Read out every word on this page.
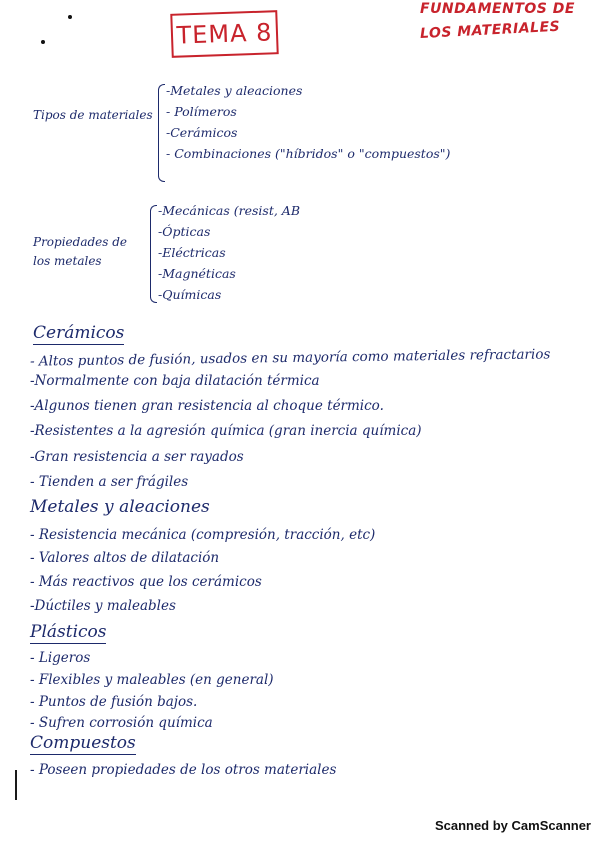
TEMA 8
FUNDAMENTOS DE
LOS MATERIALES
Tipos de materiales
-Metales y aleaciones
- Polímeros
-Cerámicos
- Combinaciones ("híbridos" o "compuestos")
Propiedades de
los metales
-Mecánicas (resist, AB
-Ópticas
-Eléctricas
-Magnéticas
-Químicas
Cerámicos
- Altos puntos de fusión, usados en su mayoría como materiales refractarios
-Normalmente con baja dilatación térmica
-Algunos tienen gran resistencia al choque térmico.
-Resistentes a la agresión química (gran inercia química)
-Gran resistencia a ser rayados
- Tienden a ser frágiles
Metales y aleaciones
- Resistencia mecánica (compresión, tracción, etc)
- Valores altos de dilatación
- Más reactivos que los cerámicos
-Dúctiles y maleables
Plásticos
- Ligeros
- Flexibles y maleables (en general)
- Puntos de fusión bajos.
- Sufren corrosión química
Compuestos
- Poseen propiedades de los otros materiales
Scanned by CamScanner
